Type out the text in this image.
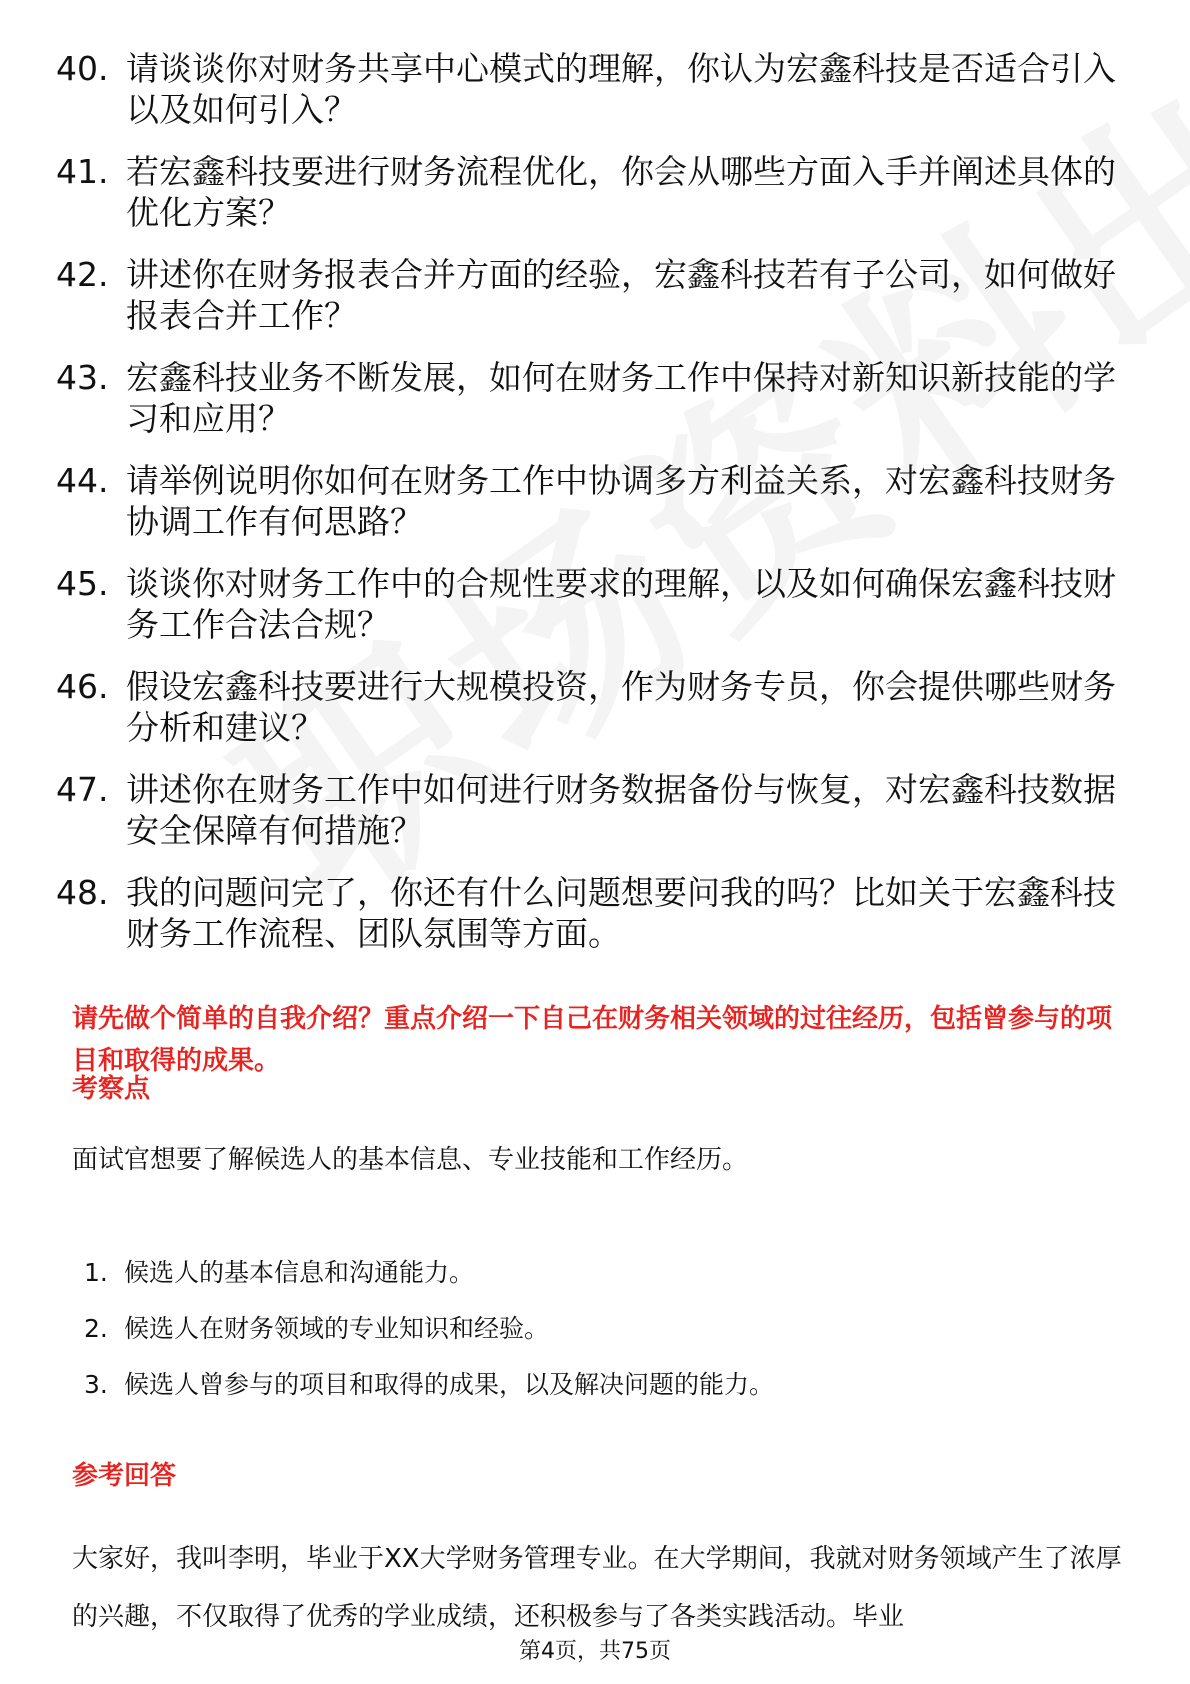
40. 请谈谈你对财务共享中心模式的理解，你认为宏鑫科技是否适合引入以及如何引入？
41. 若宏鑫科技要进行财务流程优化，你会从哪些方面入手并阐述具体的优化方案？
42. 讲述你在财务报表合并方面的经验，宏鑫科技若有子公司，如何做好报表合并工作？
43. 宏鑫科技业务不断发展，如何在财务工作中保持对新知识新技能的学习和应用？
44. 请举例说明你如何在财务工作中协调多方利益关系，对宏鑫科技财务协调工作有何思路？
45. 谈谈你对财务工作中的合规性要求的理解，以及如何确保宏鑫科技财务工作合法合规？
46. 假设宏鑫科技要进行大规模投资，作为财务专员，你会提供哪些财务分析和建议？
47. 讲述你在财务工作中如何进行财务数据备份与恢复，对宏鑫科技数据安全保障有何措施？
48. 我的问题问完了，你还有什么问题想要问我的吗？比如关于宏鑫科技财务工作流程、团队氛围等方面。
请先做个简单的自我介绍？重点介绍一下自己在财务相关领域的过往经历，包括曾参与的项目和取得的成果。
考察点
面试官想要了解候选人的基本信息、专业技能和工作经历。
1. 候选人的基本信息和沟通能力。
2. 候选人在财务领域的专业知识和经验。
3. 候选人曾参与的项目和取得的成果，以及解决问题的能力。
参考回答
大家好，我叫李明，毕业于XX大学财务管理专业。在大学期间，我就对财务领域产生了浓厚的兴趣，不仅取得了优秀的学业成绩，还积极参与了各类实践活动。毕业
第4页，共75页
